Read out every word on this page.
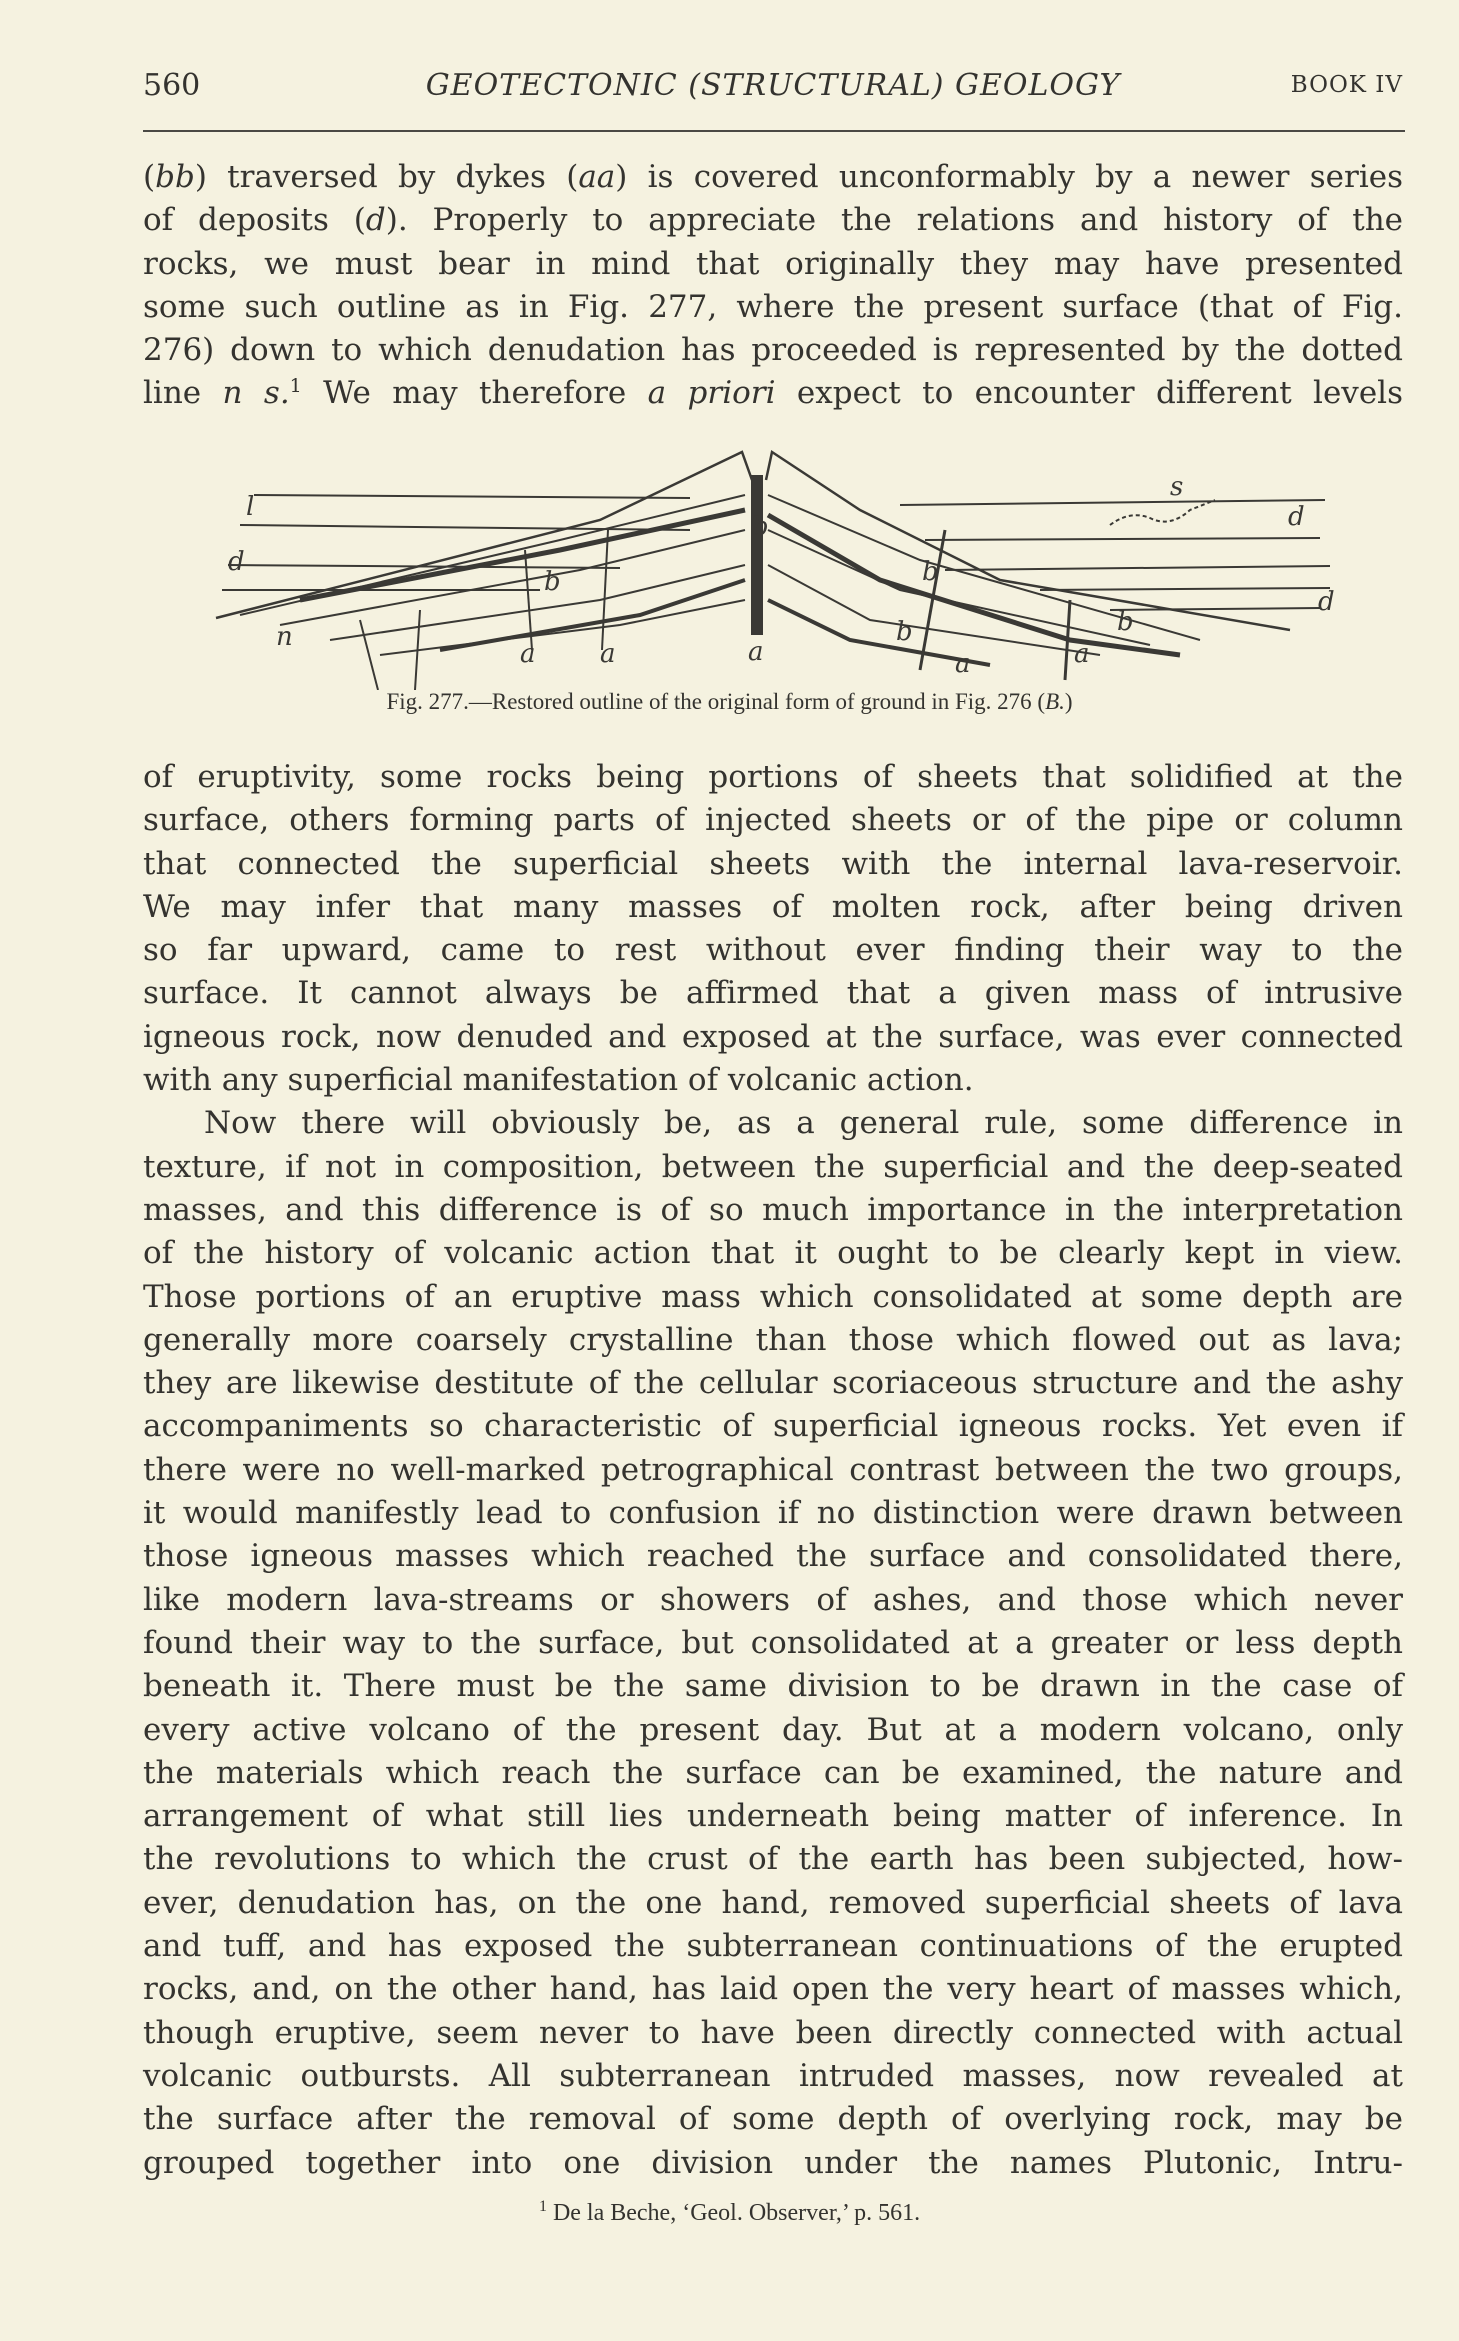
560	GEOTECTONIC (STRUCTURAL) GEOLOGY	BOOK IV
(bb) traversed by dykes (aa) is covered unconformably by a newer series
of deposits (d). Properly to appreciate the relations and history of the
rocks, we must bear in mind that originally they may have presented
some such outline as in Fig. 277, where the present surface (that of Fig.
276) down to which denudation has proceeded is represented by the dotted
line n s.$^1$ We may therefore a priori expect to encounter different levels
l
d
n
s
d
d
b
b
b
b	b
a a	a	a	a
Fig. 277.—Restored outline of the original form of ground in Fig. 276 (B.)
of eruptivity, some rocks being portions of sheets that solidified at the
surface, others forming parts of injected sheets or of the pipe or column
that connected the superficial sheets with the internal lava-reservoir.
We may infer that many masses of molten rock, after being driven
so far upward, came to rest without ever finding their way to the
surface. It cannot always be affirmed that a given mass of intrusive
igneous rock, now denuded and exposed at the surface, was ever connected
with any superficial manifestation of volcanic action.
Now there will obviously be, as a general rule, some difference in
texture, if not in composition, between the superficial and the deep-seated
masses, and this difference is of so much importance in the interpretation
of the history of volcanic action that it ought to be clearly kept in view.
Those portions of an eruptive mass which consolidated at some depth are
generally more coarsely crystalline than those which flowed out as lava;
they are likewise destitute of the cellular scoriaceous structure and the ashy
accompaniments so characteristic of superficial igneous rocks. Yet even if
there were no well-marked petrographical contrast between the two groups,
it would manifestly lead to confusion if no distinction were drawn between
those igneous masses which reached the surface and consolidated there,
like modern lava-streams or showers of ashes, and those which never
found their way to the surface, but consolidated at a greater or less depth
beneath it. There must be the same division to be drawn in the case of
every active volcano of the present day. But at a modern volcano, only
the materials which reach the surface can be examined, the nature and
arrangement of what still lies underneath being matter of inference. In
the revolutions to which the crust of the earth has been subjected, how-
ever, denudation has, on the one hand, removed superficial sheets of lava
and tuff, and has exposed the subterranean continuations of the erupted
rocks, and, on the other hand, has laid open the very heart of masses which,
though eruptive, seem never to have been directly connected with actual
volcanic outbursts. All subterranean intruded masses, now revealed at
the surface after the removal of some depth of overlying rock, may be
grouped together into one division under the names Plutonic, Intru-
$^1$ De la Beche, ‘Geol. Observer,’ p. 561.
